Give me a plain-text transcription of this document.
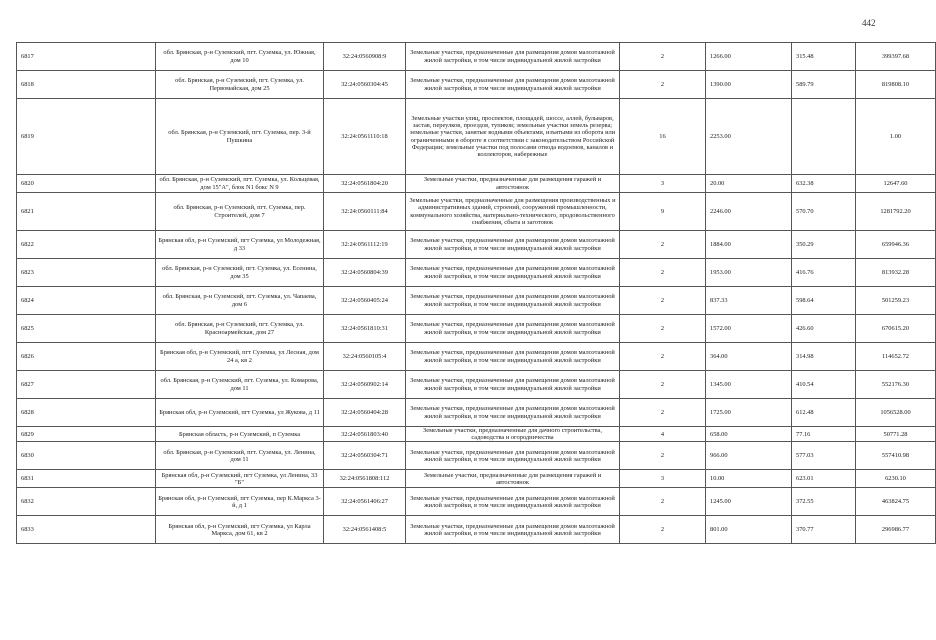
442
6817	обл. Брянская, р-н Суземский, пгт. Суземка, ул. Южная, дом 10	32:24:0560908:9	Земельные участки, предназначенные для размещения домов малоэтажной жилой застройки, в том числе индивидуальной жилой застройки	2	1266.00	315.48	399397.68
6818	обл. Брянская, р-н Суземский, пгт. Суземка, ул. Первомайская, дом 25	32:24:0560304:45	Земельные участки, предназначенные для размещения домов малоэтажной жилой застройки, в том числе индивидуальной жилой застройки	2	1390.00	589.79	819808.10
6819	обл. Брянская, р-н Суземский, пгт. Суземка, пер. 3-й Пушкина	32:24:0561110:18	Земельные участки улиц, проспектов, площадей, шоссе, аллей, бульваров, застав, переулков, проездов, тупиков; земельные участки земель резерва; земельные участки, занятые водными объектами, изъятыми из оборота или ограниченными в обороте в соответствии с законодательством Российской Федерации; земельные участки под полосами отвода водоемов, каналов и коллекторов, набережные	16	2253.00		1.00
6820	обл. Брянская, р-н Суземский, пгт. Суземка, ул. Кольцевая, дом 15"А", блок N1 бокс N 9	32:24:0561804:20	Земельные участки, предназначенные для размещения гаражей и автостоянок	3	20.00	632.38	12647.60
6821	обл. Брянская, р-н Суземский, пгт. Суземка, пер. Строителей, дом 7	32:24:0560111:84	Земельные участки, предназначенные для размещения производственных и административных зданий, строений, сооружений промышленности, коммунального хозяйства, материально-технического, продовольственного снабжения, сбыта и заготовок	9	2246.00	570.70	1281792.20
6822	Брянская обл, р-н Суземский, пгт Суземка, ул Молодежная, д 33	32:24:0561112:19	Земельные участки, предназначенные для размещения домов малоэтажной жилой застройки, в том числе индивидуальной жилой застройки	2	1884.00	350.29	659946.36
6823	обл. Брянская, р-н Суземский, пгт. Суземка, ул. Есенина, дом 35	32:24:0560804:39	Земельные участки, предназначенные для размещения домов малоэтажной жилой застройки, в том числе индивидуальной жилой застройки	2	1953.00	416.76	813932.28
6824	обл. Брянская, р-н Суземский, пгт. Суземка, ул. Чапаева, дом 6	32:24:0560405:24	Земельные участки, предназначенные для размещения домов малоэтажной жилой застройки, в том числе индивидуальной жилой застройки	2	837.33	598.64	501259.23
6825	обл. Брянская, р-н Суземский, пгт. Суземка, ул. Красноармейская, дом 27	32:24:0561810:31	Земельные участки, предназначенные для размещения домов малоэтажной жилой застройки, в том числе индивидуальной жилой застройки	2	1572.00	426.60	670615.20
6826	Брянская обл, р-н Суземский, пгт Суземка, ул Лесная, дом 24 а, кв 2	32:24:0560105:4	Земельные участки, предназначенные для размещения домов малоэтажной жилой застройки, в том числе индивидуальной жилой застройки	2	364.00	314.98	114652.72
6827	обл. Брянская, р-н Суземский, пгт. Суземка, ул. Комарова, дом 11	32:24:0560902:14	Земельные участки, предназначенные для размещения домов малоэтажной жилой застройки, в том числе индивидуальной жилой застройки	2	1345.00	410.54	552176.30
6828	Брянская обл, р-н Суземский, пгт Суземка, ул Жукова, д 11	32:24:0560404:28	Земельные участки, предназначенные для размещения домов малоэтажной жилой застройки, в том числе индивидуальной жилой застройки	2	1725.00	612.48	1056528.00
6829	Брянская область, р-н Суземский, п Суземка	32:24:0561803:40	Земельные участки, предназначенные для дачного строительства, садоводства и огородничества	4	658.00	77.16	50771.28
6830	обл. Брянская, р-н Суземский, пгт. Суземка, ул. Ленина, дом 11	32:24:0560304:71	Земельные участки, предназначенные для размещения домов малоэтажной жилой застройки, в том числе индивидуальной жилой застройки	2	966.00	577.03	557410.98
6831	Брянская обл, р-н Суземский, пгт Суземка, ул Ленина, 33 "Б"	32:24:0561808:112	Земельные участки, предназначенные для размещения гаражей и автостоянок	3	10.00	623.01	6230.10
6832	Брянская обл, р-н Суземский, пгт Суземка, пер К.Маркса 3-й, д 1	32:24:0561406:27	Земельные участки, предназначенные для размещения домов малоэтажной жилой застройки, в том числе индивидуальной жилой застройки	2	1245.00	372.55	463824.75
6833	Брянская обл, р-н Суземский, пгт Суземка, ул Карла Маркса, дом 61, кв 2	32:24:0561408:5	Земельные участки, предназначенные для размещения домов малоэтажной жилой застройки, в том числе индивидуальной жилой застройки	2	801.00	370.77	296986.77
